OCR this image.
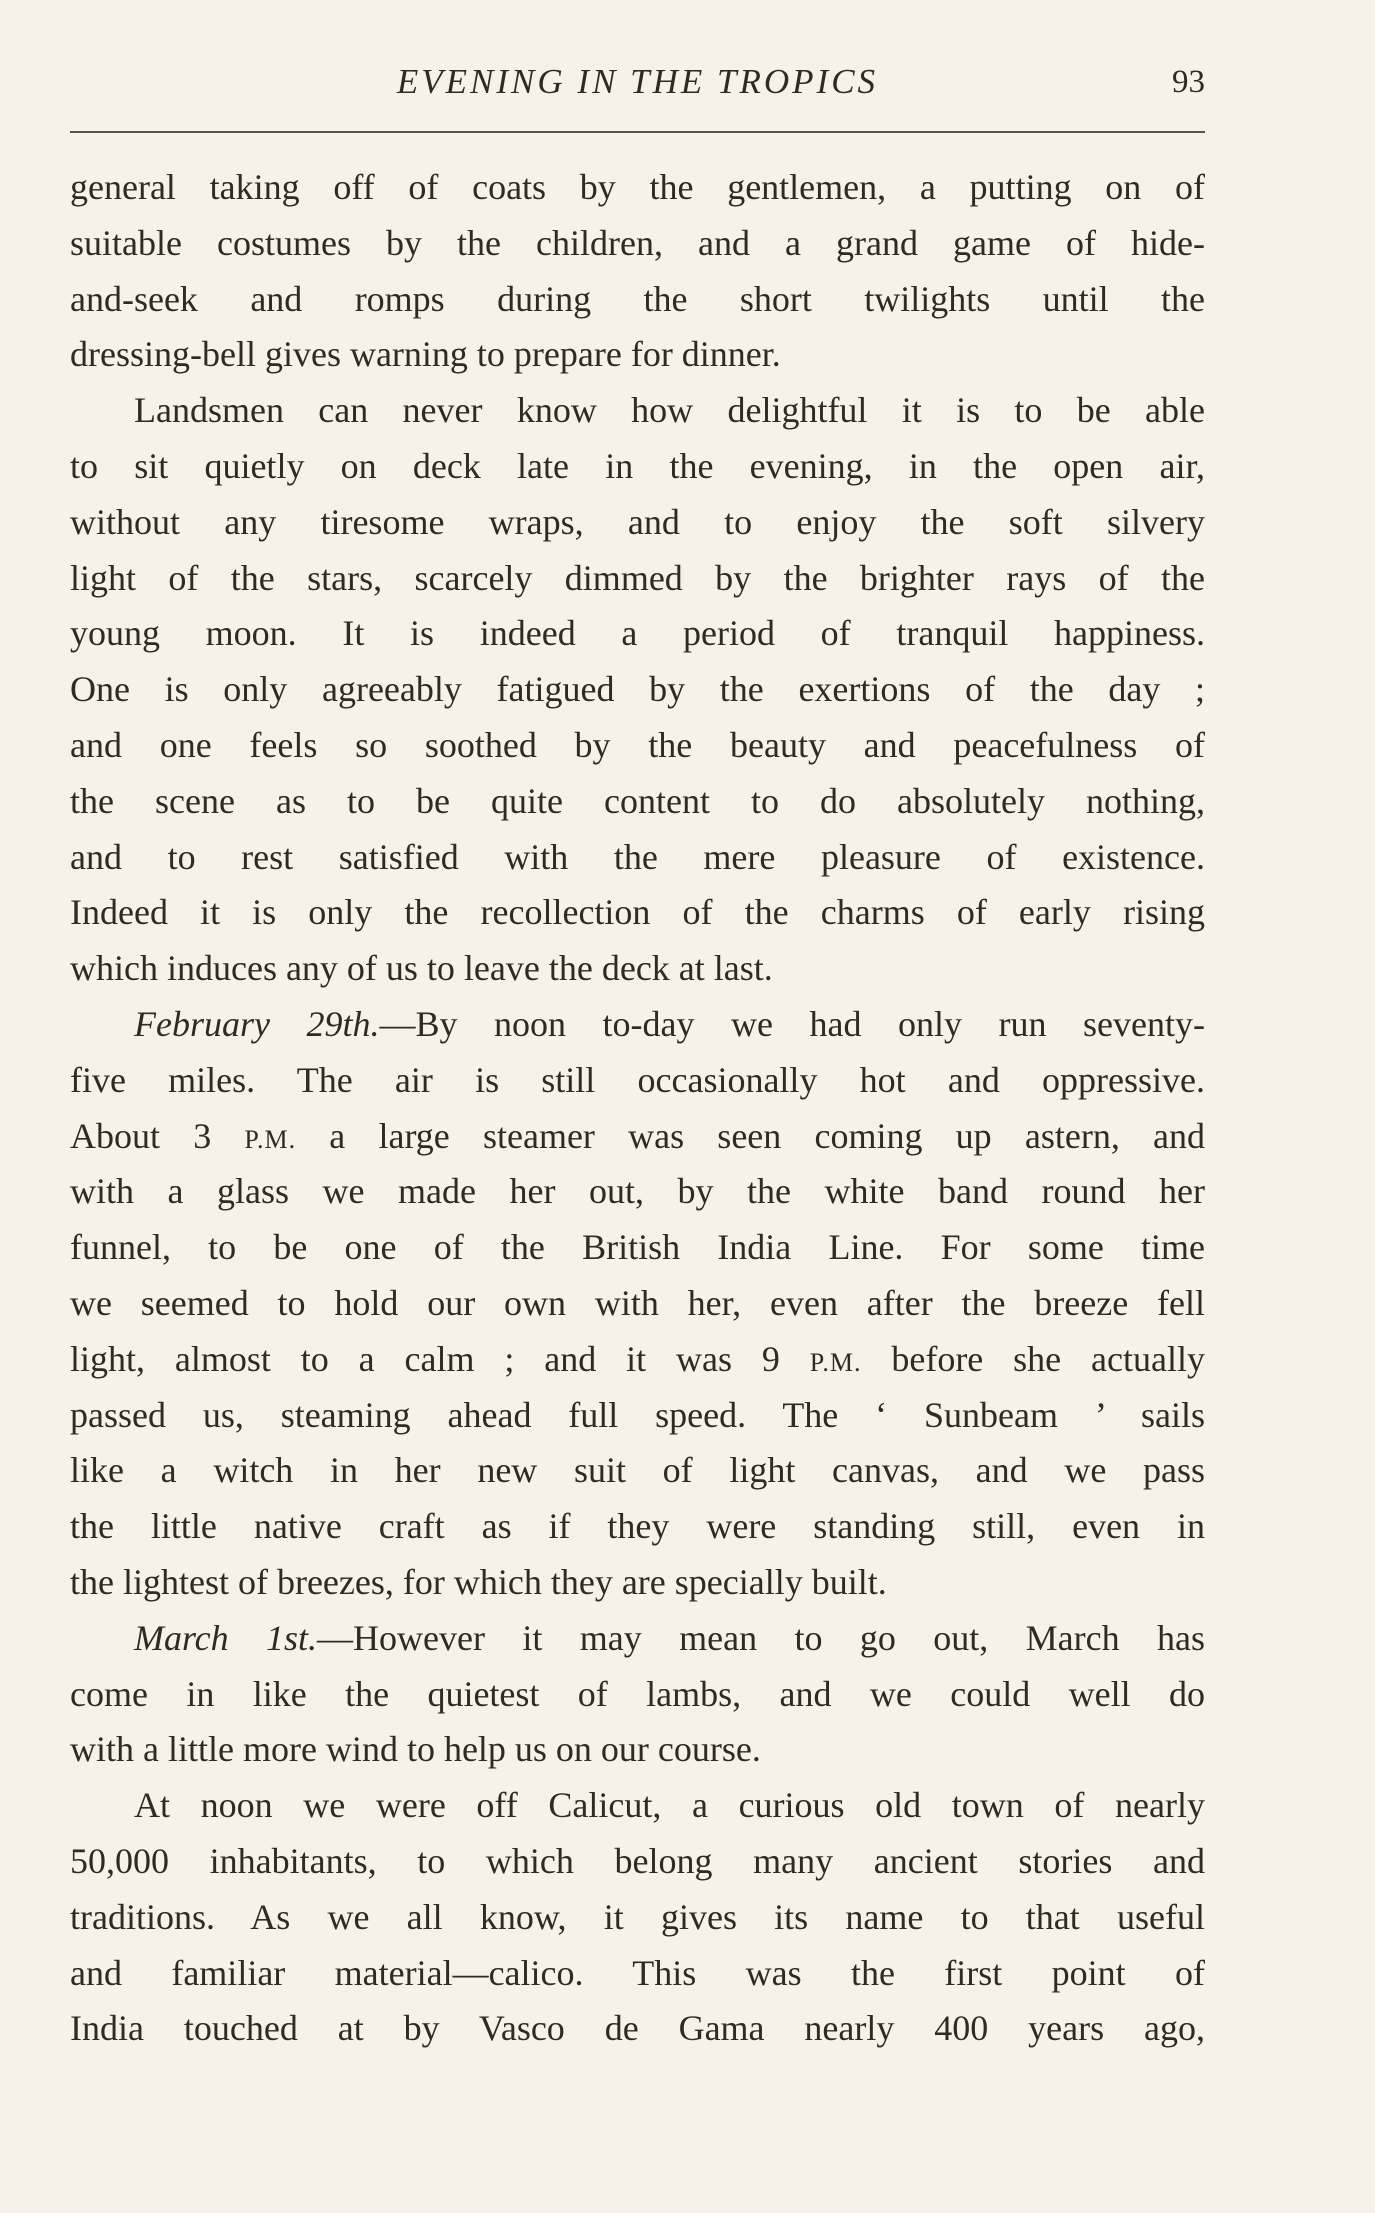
EVENING IN THE TROPICS	93
general taking off of coats by the gentlemen, a putting on of
suitable costumes by the children, and a grand game of hide-
and-seek and romps during the short twilights until the
dressing-bell gives warning to prepare for dinner.
Landsmen can never know how delightful it is to be able
to sit quietly on deck late in the evening, in the open air,
without any tiresome wraps, and to enjoy the soft silvery
light of the stars, scarcely dimmed by the brighter rays of the
young moon. It is indeed a period of tranquil happiness.
One is only agreeably fatigued by the exertions of the day ;
and one feels so soothed by the beauty and peacefulness of
the scene as to be quite content to do absolutely nothing,
and to rest satisfied with the mere pleasure of existence.
Indeed it is only the recollection of the charms of early rising
which induces any of us to leave the deck at last.
February 29th.—By noon to-day we had only run seventy-
five miles. The air is still occasionally hot and oppressive.
About 3 P.M. a large steamer was seen coming up astern, and
with a glass we made her out, by the white band round her
funnel, to be one of the British India Line. For some time
we seemed to hold our own with her, even after the breeze fell
light, almost to a calm ; and it was 9 P.M. before she actually
passed us, steaming ahead full speed. The ‘ Sunbeam ’ sails
like a witch in her new suit of light canvas, and we pass
the little native craft as if they were standing still, even in
the lightest of breezes, for which they are specially built.
March 1st.—However it may mean to go out, March has
come in like the quietest of lambs, and we could well do
with a little more wind to help us on our course.
At noon we were off Calicut, a curious old town of nearly
50,000 inhabitants, to which belong many ancient stories and
traditions. As we all know, it gives its name to that useful
and familiar material—calico. This was the first point of
India touched at by Vasco de Gama nearly 400 years ago,
